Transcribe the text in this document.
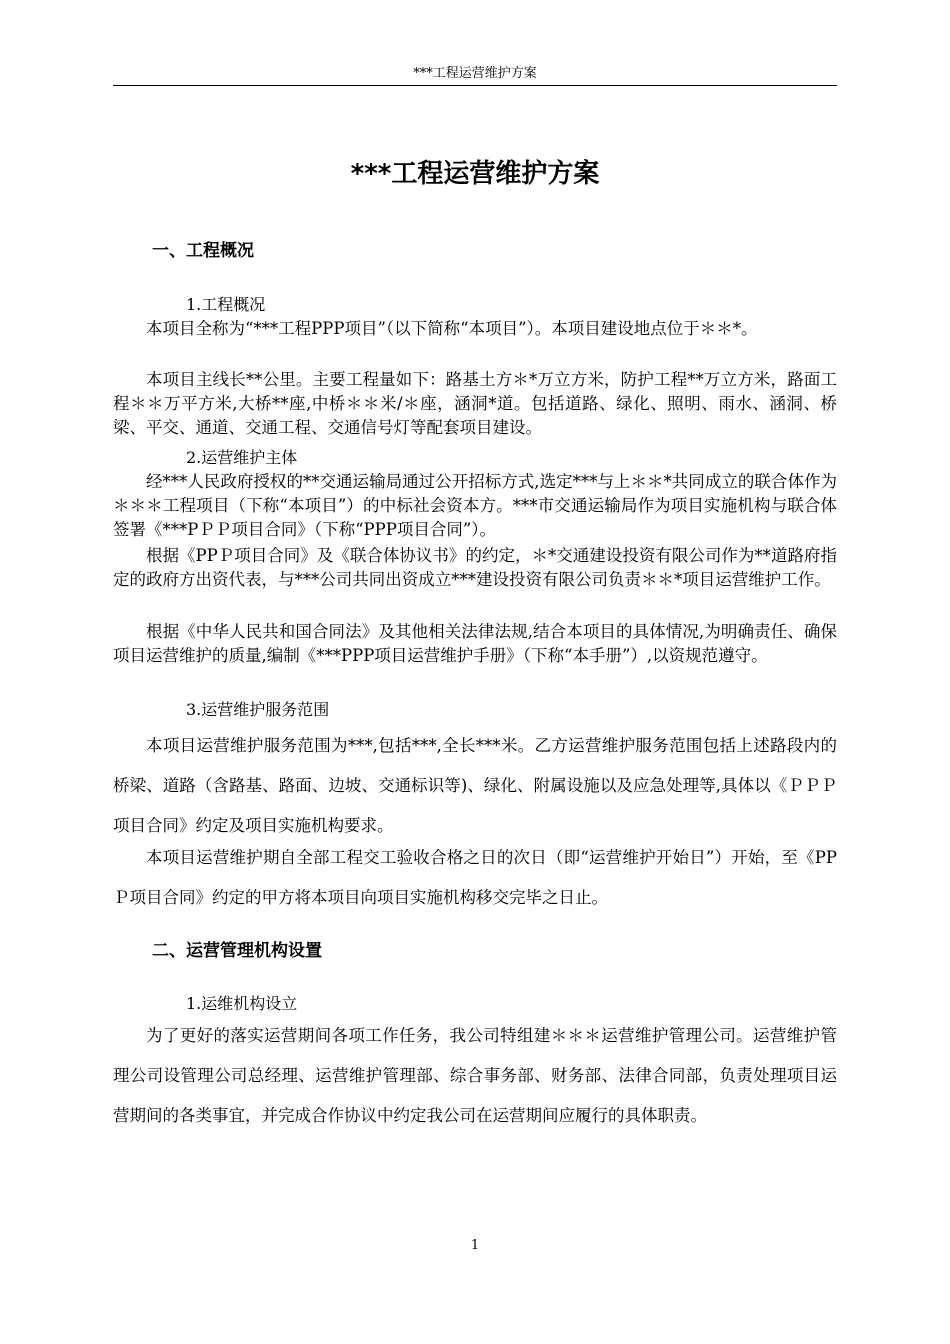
***工程运营维护方案
***工程运营维护方案
一、工程概况
1.工程概况

本项目全称为“***工程PPP项目”（以下简称“本项目”）。本项目建设地点位于＊＊*。

本项目主线长**公里。主要工程量如下：路基土方＊*万立方米，防护工程**万立方米，路面工程＊＊万平方米,大桥**座,中桥＊＊米/＊座，涵洞*道。包括道路、绿化、照明、雨水、涵洞、桥梁、平交、通道、交通工程、交通信号灯等配套项目建设。

2.运营维护主体

经***人民政府授权的**交通运输局通过公开招标方式,选定***与上＊＊*共同成立的联合体作为＊＊＊工程项目（下称“本项目”）的中标社会资本方。***市交通运输局作为项目实施机构与联合体签署《***PＰＰ项目合同》（下称“PPP项目合同”）。

根据《PPＰ项目合同》及《联合体协议书》的约定，＊*交通建设投资有限公司作为**道路府指定的政府方出资代表，与***公司共同出资成立***建设投资有限公司负责＊＊*项目运营维护工作。

根据《中华人民共和国合同法》及其他相关法律法规,结合本项目的具体情况,为明确责任、确保项目运营维护的质量,编制《***PPP项目运营维护手册》（下称“本手册”）,以资规范遵守。

3.运营维护服务范围

本项目运营维护服务范围为***,包括***,全长***米。乙方运营维护服务范围包括上述路段内的桥梁、道路（含路基、路面、边坡、交通标识等)、绿化、附属设施以及应急处理等,具体以《ＰＰＰ项目合同》约定及项目实施机构要求。

本项目运营维护期自全部工程交工验收合格之日的次日（即“运营维护开始日”）开始，至《PPＰ项目合同》约定的甲方将本项目向项目实施机构移交完毕之日止。

二、运营管理机构设置
1.运维机构设立

为了更好的落实运营期间各项工作任务，我公司特组建＊＊＊运营维护管理公司。运营维护管理公司设管理公司总经理、运营维护管理部、综合事务部、财务部、法律合同部，负责处理项目运营期间的各类事宜，并完成合作协议中约定我公司在运营期间应履行的具体职责。

1
